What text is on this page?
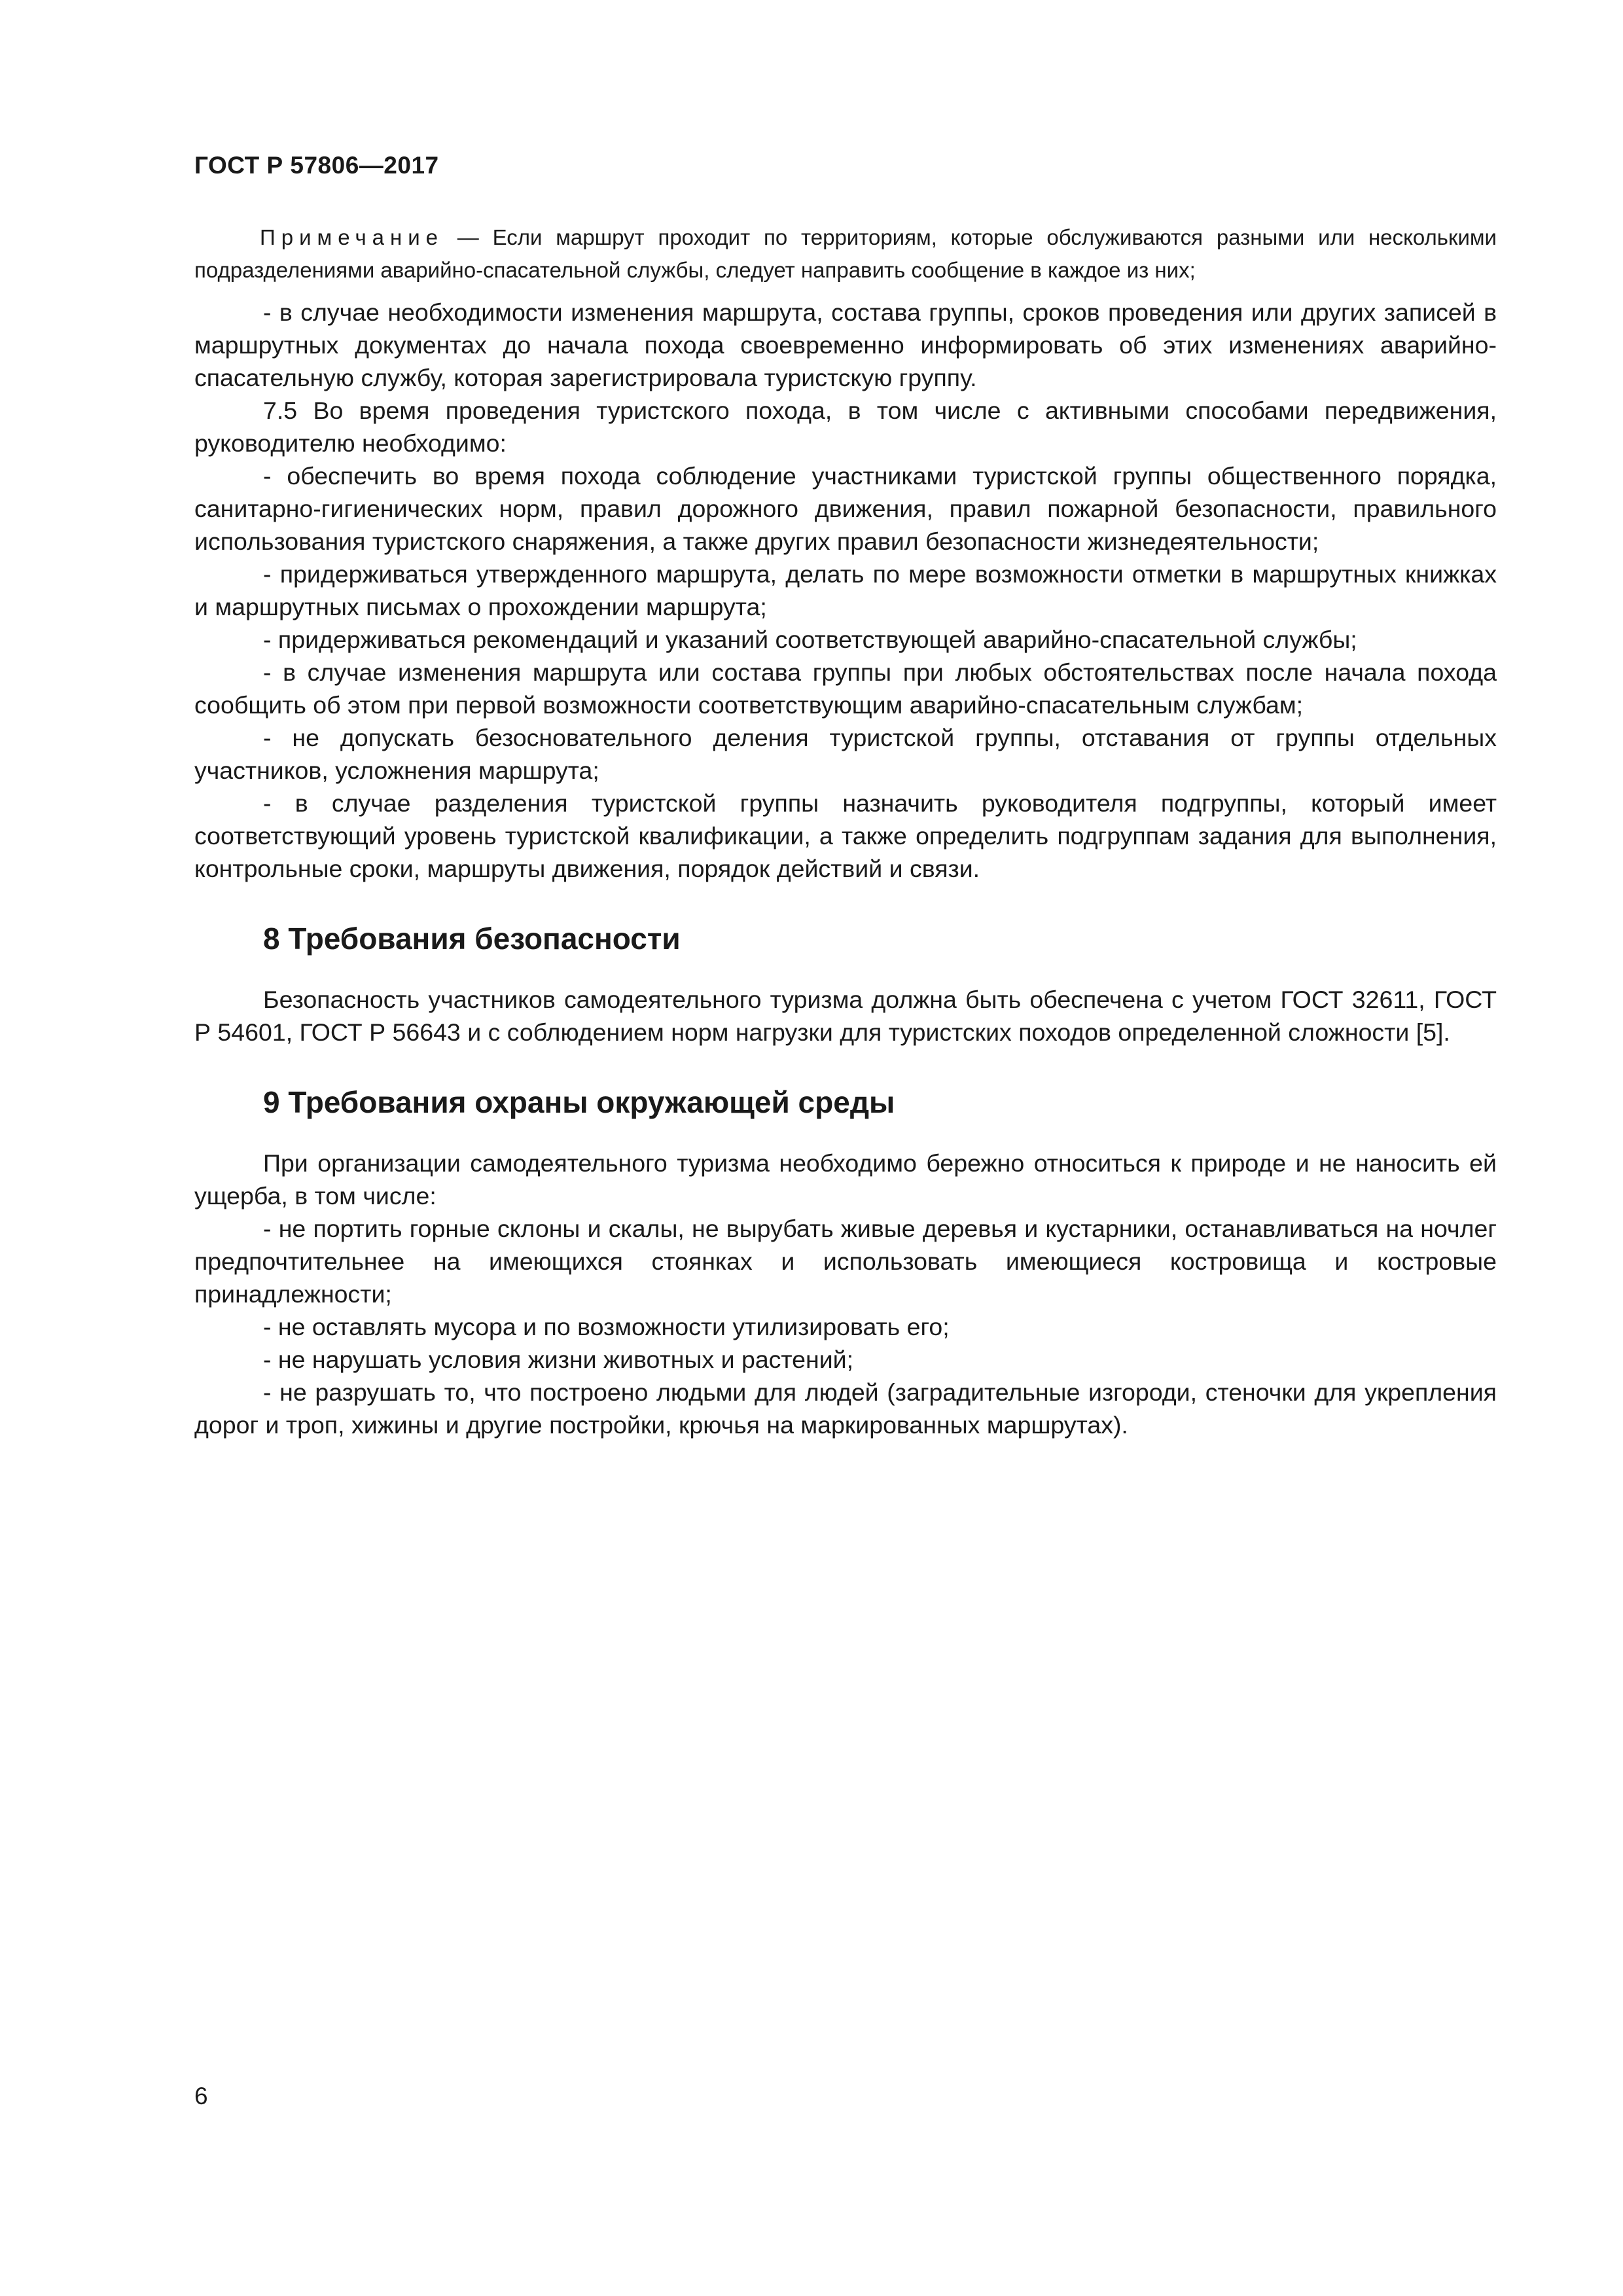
ГОСТ Р 57806—2017

Примечание — Если маршрут проходит по территориям, которые обслуживаются разными или несколькими подразделениями аварийно-спасательной службы, следует направить сообщение в каждое из них;

- в случае необходимости изменения маршрута, состава группы, сроков проведения или других записей в маршрутных документах до начала похода своевременно информировать об этих изменениях аварийно-спасательную службу, которая зарегистрировала туристскую группу.

7.5 Во время проведения туристского похода, в том числе с активными способами передвижения, руководителю необходимо:

- обеспечить во время похода соблюдение участниками туристской группы общественного порядка, санитарно-гигиенических норм, правил дорожного движения, правил пожарной безопасности, правильного использования туристского снаряжения, а также других правил безопасности жизнедеятельности;

- придерживаться утвержденного маршрута, делать по мере возможности отметки в маршрутных книжках и маршрутных письмах о прохождении маршрута;

- придерживаться рекомендаций и указаний соответствующей аварийно-спасательной службы;

- в случае изменения маршрута или состава группы при любых обстоятельствах после начала похода сообщить об этом при первой возможности соответствующим аварийно-спасательным службам;

- не допускать безосновательного деления туристской группы, отставания от группы отдельных участников, усложнения маршрута;

- в случае разделения туристской группы назначить руководителя подгруппы, который имеет соответствующий уровень туристской квалификации, а также определить подгруппам задания для выполнения, контрольные сроки, маршруты движения, порядок действий и связи.

8 Требования безопасности

Безопасность участников самодеятельного туризма должна быть обеспечена с учетом ГОСТ 32611, ГОСТ Р 54601, ГОСТ Р 56643 и с соблюдением норм нагрузки для туристских походов определенной сложности [5].

9 Требования охраны окружающей среды

При организации самодеятельного туризма необходимо бережно относиться к природе и не наносить ей ущерба, в том числе:

- не портить горные склоны и скалы, не вырубать живые деревья и кустарники, останавливаться на ночлег предпочтительнее на имеющихся стоянках и использовать имеющиеся костровища и костровые принадлежности;

- не оставлять мусора и по возможности утилизировать его;

- не нарушать условия жизни животных и растений;

- не разрушать то, что построено людьми для людей (заградительные изгороди, стеночки для укрепления дорог и троп, хижины и другие постройки, крючья на маркированных маршрутах).

6
